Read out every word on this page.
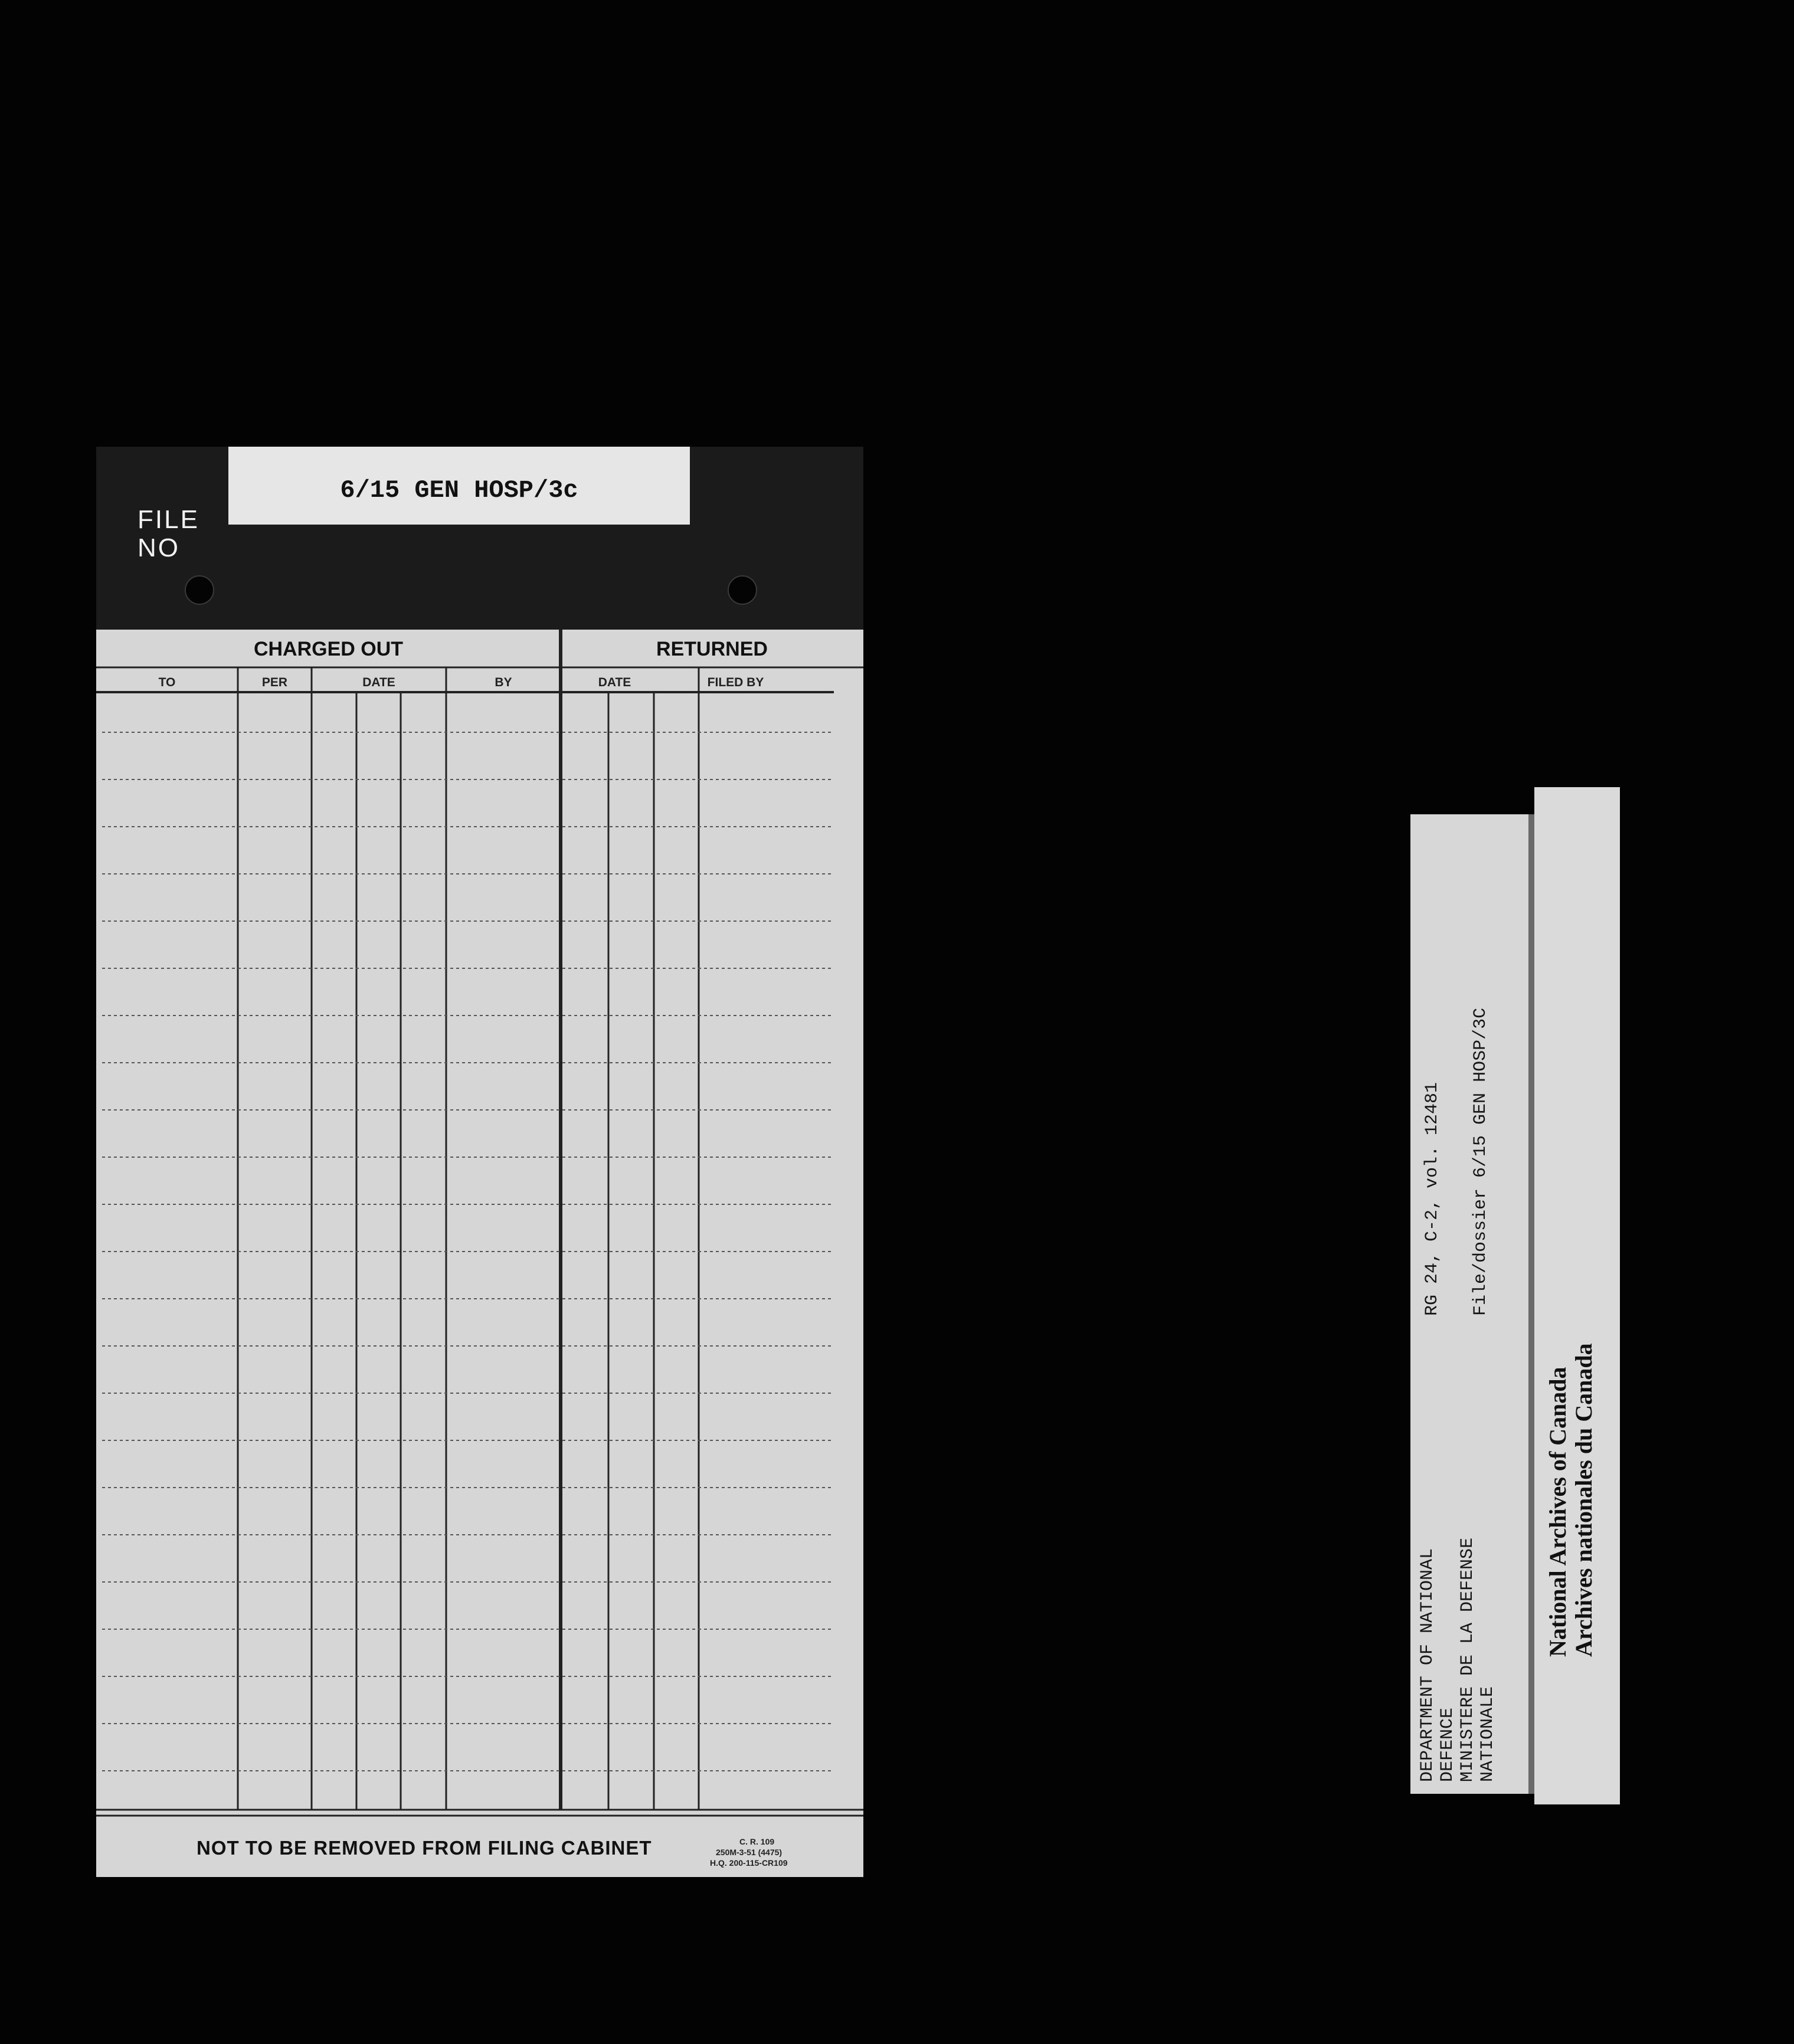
6/15 GEN HOSP/3c
FILE
NO
CHARGED OUT	RETURNED
TO	PER	DATE	BY	DATE	FILED BY
NOT TO BE REMOVED FROM FILING CABINET	C. R. 109
250M-3-51 (4475)
H.Q. 200-115-CR109
DEPARTMENT OF NATIONAL DEFENCE MINISTERE DE LA DEFENSE NATIONALE
RG 24, C-2, vol. 12481 File/dossier 6/15 GEN HOSP/3C
National Archives of Canada Archives nationales du Canada
